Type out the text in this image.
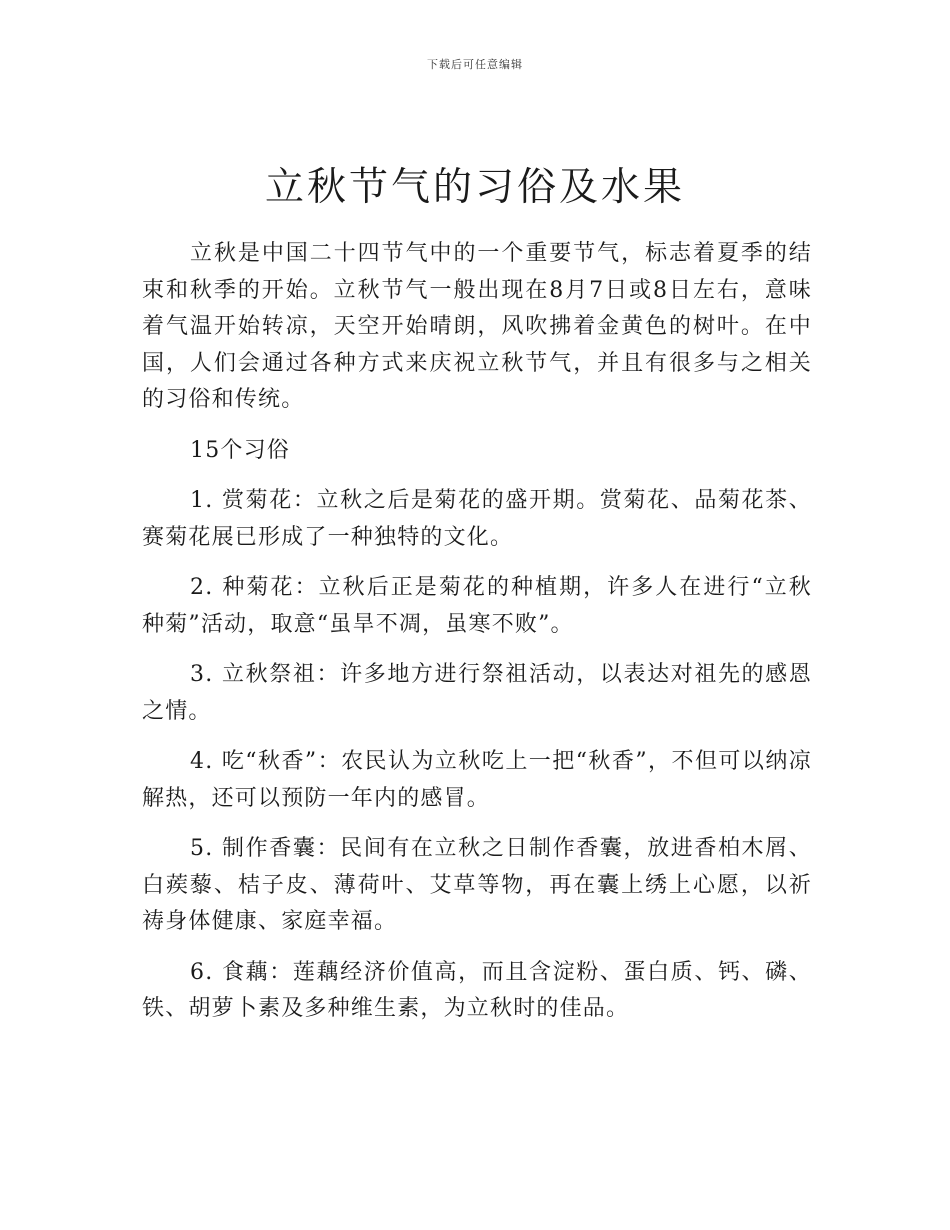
下载后可任意编辑
立秋节气的习俗及水果

立秋是中国二十四节气中的一个重要节气，标志着夏季的结束和秋季的开始。立秋节气一般出现在8月7日或8日左右，意味着气温开始转凉，天空开始晴朗，风吹拂着金黄色的树叶。在中国，人们会通过各种方式来庆祝立秋节气，并且有很多与之相关的习俗和传统。

15个习俗

1. 赏菊花：立秋之后是菊花的盛开期。赏菊花、品菊花茶、赛菊花展已形成了一种独特的文化。

2. 种菊花：立秋后正是菊花的种植期，许多人在进行“立秋种菊”活动，取意“虽旱不凋，虽寒不败”。

3. 立秋祭祖：许多地方进行祭祖活动，以表达对祖先的感恩之情。

4. 吃“秋香”：农民认为立秋吃上一把“秋香”，不但可以纳凉解热，还可以预防一年内的感冒。

5. 制作香囊：民间有在立秋之日制作香囊，放进香柏木屑、白蒺藜、桔子皮、薄荷叶、艾草等物，再在囊上绣上心愿，以祈祷身体健康、家庭幸福。

6. 食藕：莲藕经济价值高，而且含淀粉、蛋白质、钙、磷、铁、胡萝卜素及多种维生素，为立秋时的佳品。
